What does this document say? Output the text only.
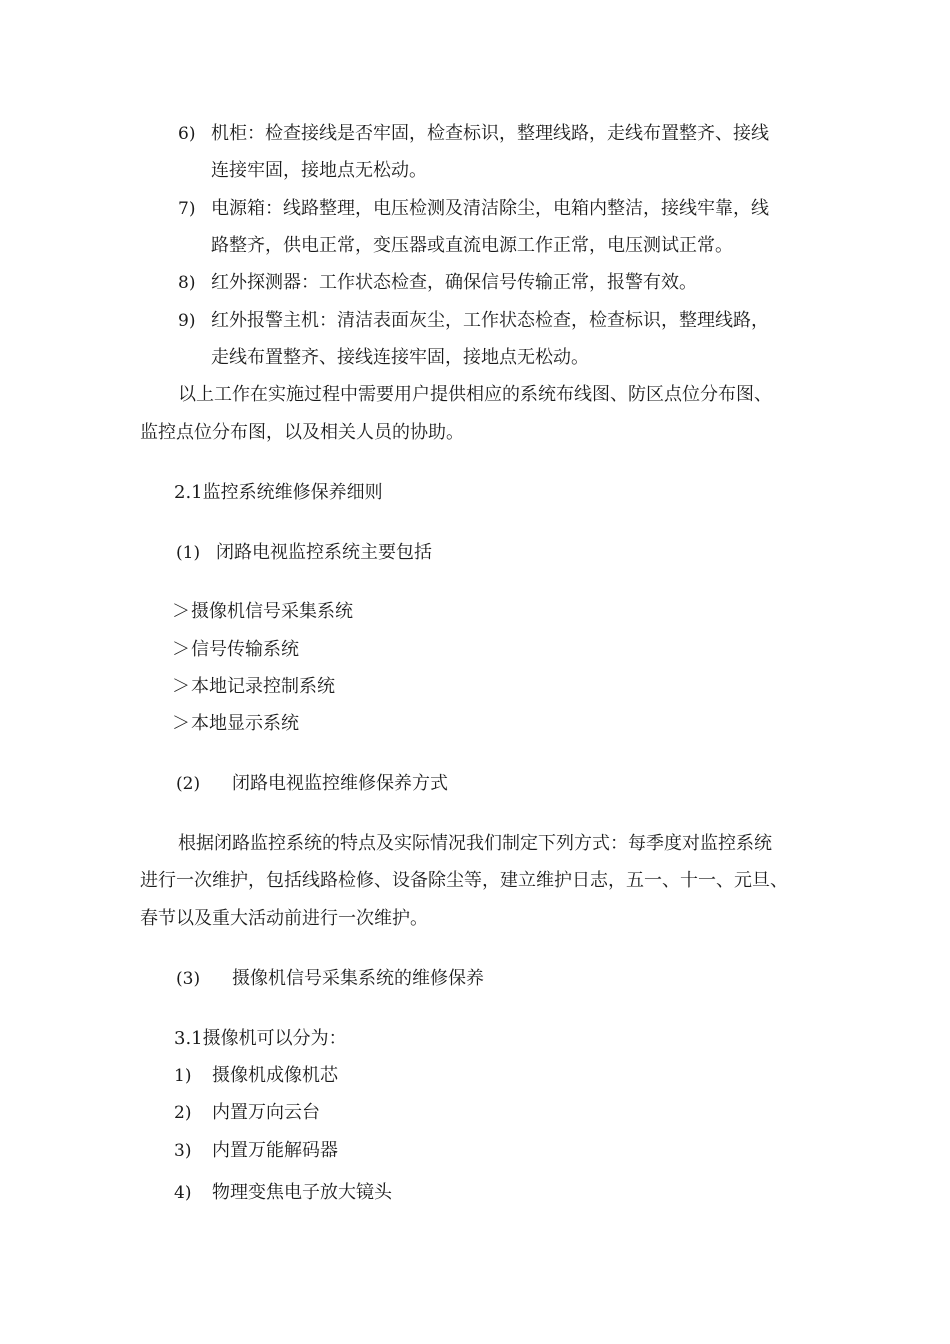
6) 机柜：检查接线是否牢固，检查标识，整理线路，走线布置整齐、接线
连接牢固，接地点无松动。
7) 电源箱：线路整理，电压检测及清洁除尘，电箱内整洁，接线牢靠，线
路整齐，供电正常，变压器或直流电源工作正常，电压测试正常。
8) 红外探测器：工作状态检查，确保信号传输正常，报警有效。
9) 红外报警主机：清洁表面灰尘，工作状态检查，检查标识，整理线路，
走线布置整齐、接线连接牢固，接地点无松动。
以上工作在实施过程中需要用户提供相应的系统布线图、防区点位分布图、
监控点位分布图，以及相关人员的协助。
2.1监控系统维修保养细则
(1) 闭路电视监控系统主要包括
＞摄像机信号采集系统
＞信号传输系统
＞本地记录控制系统
＞本地显示系统
(2) 闭路电视监控维修保养方式
根据闭路监控系统的特点及实际情况我们制定下列方式：每季度对监控系统
进行一次维护，包括线路检修、设备除尘等，建立维护日志，五一、十一、元旦、
春节以及重大活动前进行一次维护。
(3) 摄像机信号采集系统的维修保养
3.1摄像机可以分为：
1) 摄像机成像机芯
2) 内置万向云台
3) 内置万能解码器
4) 物理变焦电子放大镜头
